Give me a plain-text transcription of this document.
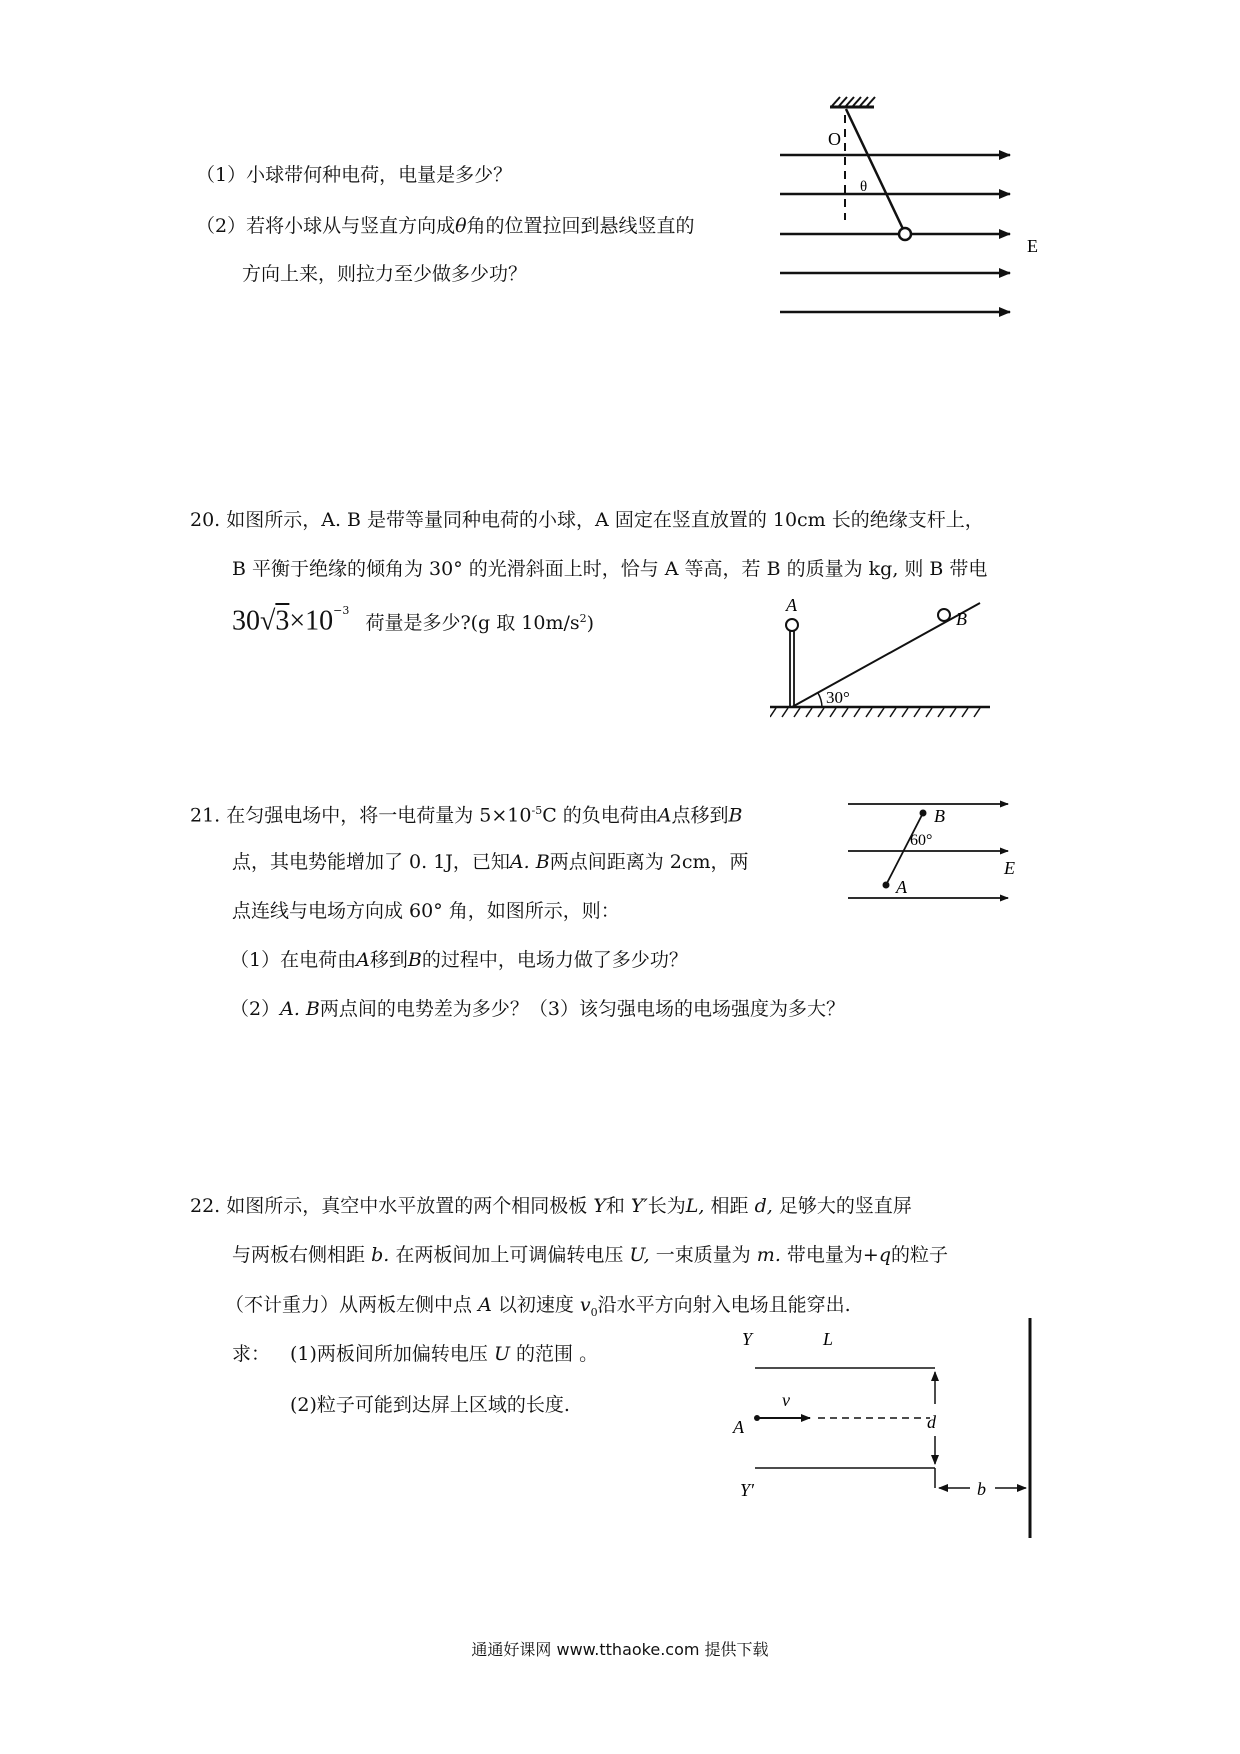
（1）小球带何种电荷，电量是多少？
（2）若将小球从与竖直方向成θ角的位置拉回到悬线竖直的
方向上来，则拉力至少做多少功？
O
θ
E
20. 如图所示，A. B 是带等量同种电荷的小球，A 固定在竖直放置的 10cm 长的绝缘支杆上，
B 平衡于绝缘的倾角为 30° 的光滑斜面上时，恰与 A 等高，若 B 的质量为 kg, 则 B 带电
$30√3\times 10^{-3}$ 荷量是多少?(g 取 $10m/s^2$)
A
B
30°
21. 在匀强电场中，将一电荷量为 $5\times 10^{-5}C$ 的负电荷由A点移到B
点，其电势能增加了 0. 1J，已知A. B两点间距离为 2cm，两
点连线与电场方向成 60° 角，如图所示，则：
（1）在电荷由A移到B的过程中，电场力做了多少功？
（2）A. B两点间的电势差为多少？（3）该匀强电场的电场强度为多大？
A
B
60°
E
22. 如图所示，真空中水平放置的两个相同极板 Y和 Y′长为L, 相距 d, 足够大的竖直屏
与两板右侧相距 b. 在两板间加上可调偏转电压 U, 一束质量为 m. 带电量为+q的粒子
（不计重力）从两板左侧中点 A 以初速度 $v_0$沿水平方向射入电场且能穿出.
求： (1)两板间所加偏转电压 U 的范围 。
(2)粒子可能到达屏上区域的长度.
d
b
Y	L
v
A
Y′
通通好课网 www.tthaoke.com 提供下载
